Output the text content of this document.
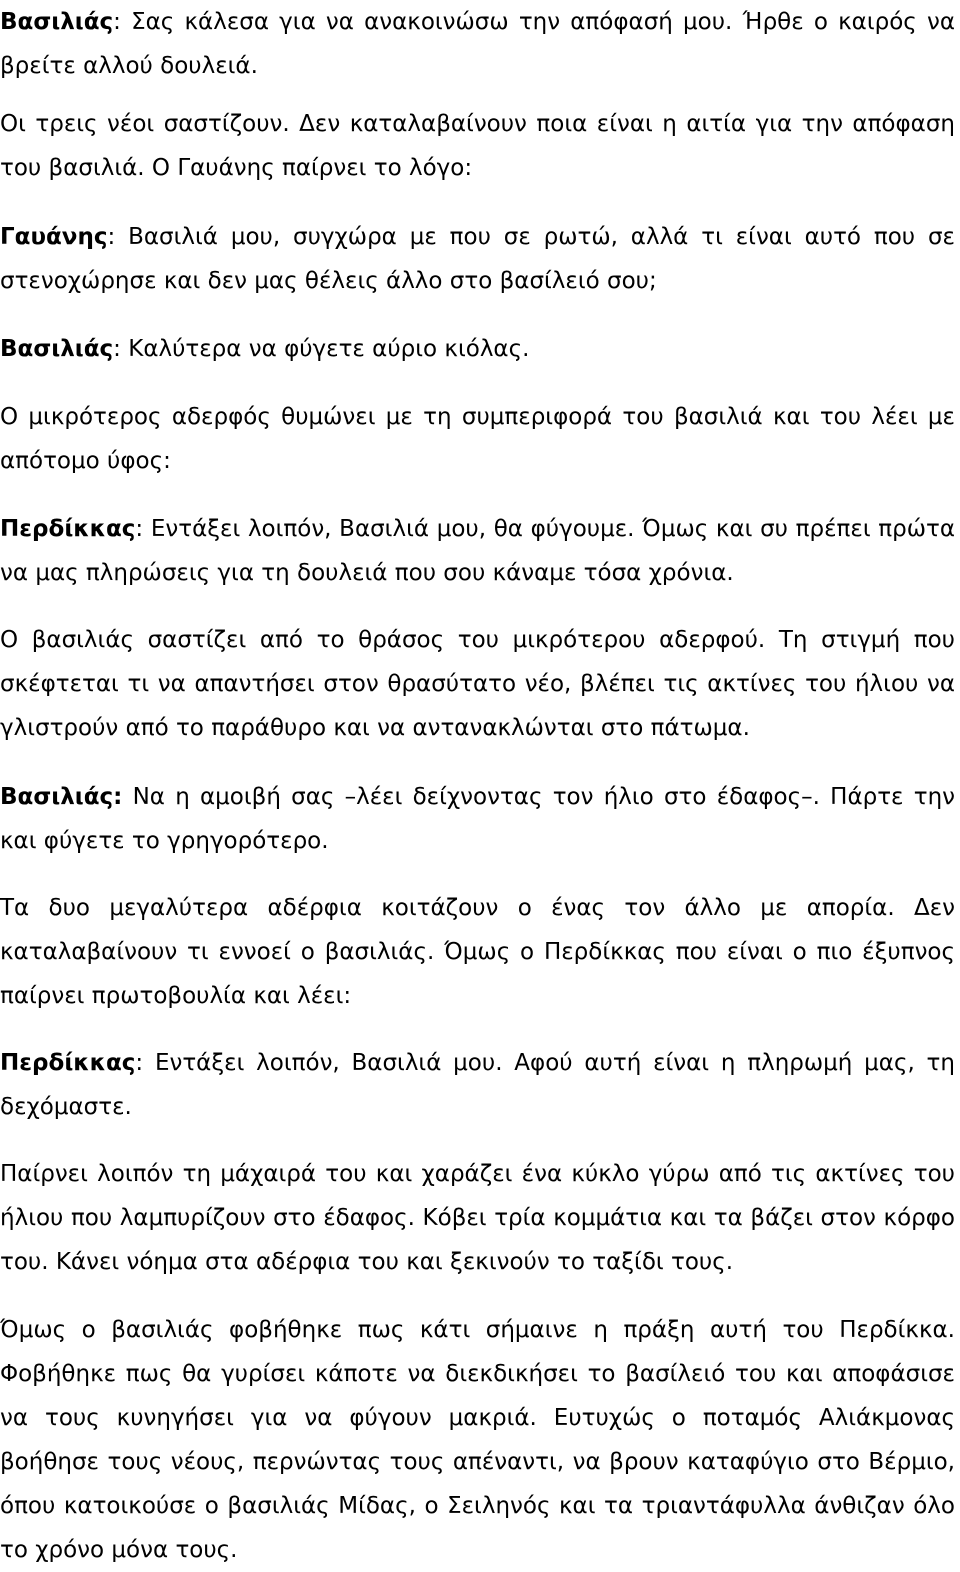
Βασιλιάς: Σας κάλεσα για να ανακοινώσω την απόφασή μου. Ήρθε ο καιρός να βρείτε αλλού δουλειά.

Οι τρεις νέοι σαστίζουν. Δεν καταλαβαίνουν ποια είναι η αιτία για την απόφαση του βασιλιά. Ο Γαυάνης παίρνει το λόγο:

Γαυάνης: Βασιλιά μου, συγχώρα με που σε ρωτώ, αλλά τι είναι αυτό που σε στενοχώρησε και δεν μας θέλεις άλλο στο βασίλειό σου;

Βασιλιάς: Καλύτερα να φύγετε αύριο κιόλας.

Ο μικρότερος αδερφός θυμώνει με τη συμπεριφορά του βασιλιά και του λέει με απότομο ύφος:

Περδίκκας: Εντάξει λοιπόν, Βασιλιά μου, θα φύγουμε. Όμως και συ πρέπει πρώτα να μας πληρώσεις για τη δουλειά που σου κάναμε τόσα χρόνια.

Ο βασιλιάς σαστίζει από το θράσος του μικρότερου αδερφού. Τη στιγμή που σκέφτεται τι να απαντήσει στον θρασύτατο νέο, βλέπει τις ακτίνες του ήλιου να γλιστρούν από το παράθυρο και να αντανακλώνται στο πάτωμα.

Βασιλιάς: Να η αμοιβή σας –λέει δείχνοντας τον ήλιο στο έδαφος–. Πάρτε την και φύγετε το γρηγορότερο.

Τα δυο μεγαλύτερα αδέρφια κοιτάζουν ο ένας τον άλλο με απορία. Δεν καταλαβαίνουν τι εννοεί ο βασιλιάς. Όμως ο Περδίκκας που είναι ο πιο έξυπνος παίρνει πρωτοβουλία και λέει:

Περδίκκας: Εντάξει λοιπόν, Βασιλιά μου. Αφού αυτή είναι η πληρωμή μας, τη δεχόμαστε.

Παίρνει λοιπόν τη μάχαιρά του και χαράζει ένα κύκλο γύρω από τις ακτίνες του ήλιου που λαμπυρίζουν στο έδαφος. Κόβει τρία κομμάτια και τα βάζει στον κόρφο του. Κάνει νόημα στα αδέρφια του και ξεκινούν το ταξίδι τους.

Όμως ο βασιλιάς φοβήθηκε πως κάτι σήμαινε η πράξη αυτή του Περδίκκα. Φοβήθηκε πως θα γυρίσει κάποτε να διεκδικήσει το βασίλειό του και αποφάσισε να τους κυνηγήσει για να φύγουν μακριά. Ευτυχώς ο ποταμός Αλιάκμονας βοήθησε τους νέους, περνώντας τους απέναντι, να βρουν καταφύγιο στο Βέρμιο, όπου κατοικούσε ο βασιλιάς Μίδας, ο Σειληνός και τα τριαντάφυλλα άνθιζαν όλο το χρόνο μόνα τους.
